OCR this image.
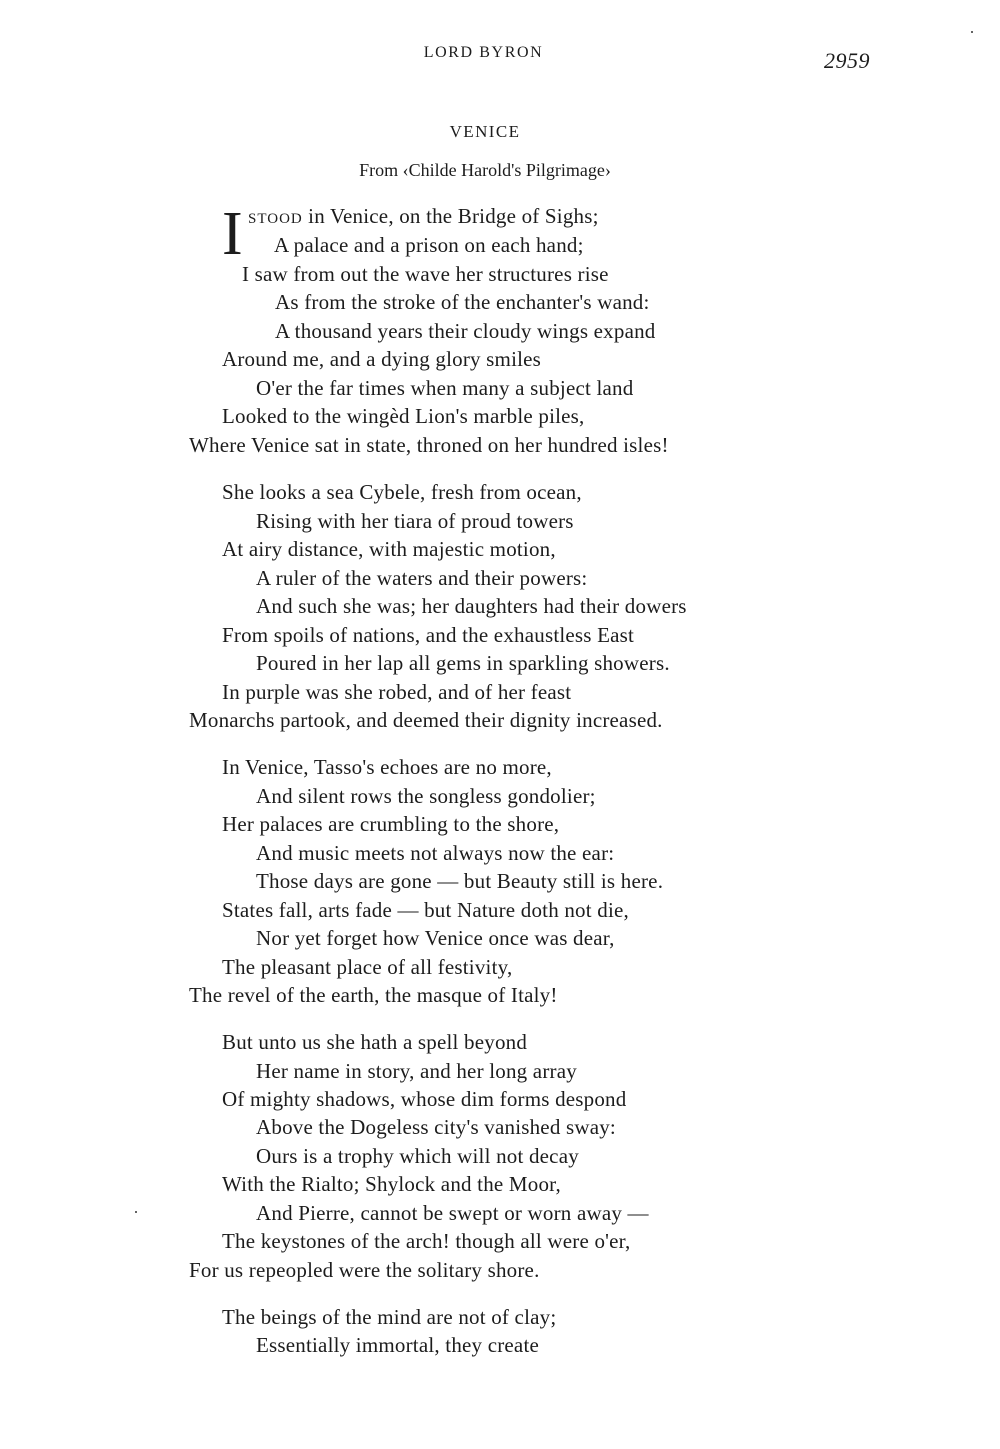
LORD BYRON	2959
VENICE
From ‹Childe Harold's Pilgrimage›
I STOOD in Venice, on the Bridge of Sighs;
A palace and a prison on each hand;
I saw from out the wave her structures rise
As from the stroke of the enchanter's wand:
A thousand years their cloudy wings expand
Around me, and a dying glory smiles
O'er the far times when many a subject land
Looked to the wingèd Lion's marble piles,
Where Venice sat in state, throned on her hundred isles!
She looks a sea Cybele, fresh from ocean,
Rising with her tiara of proud towers
At airy distance, with majestic motion,
A ruler of the waters and their powers:
And such she was; her daughters had their dowers
From spoils of nations, and the exhaustless East
Poured in her lap all gems in sparkling showers.
In purple was she robed, and of her feast
Monarchs partook, and deemed their dignity increased.
In Venice, Tasso's echoes are no more,
And silent rows the songless gondolier;
Her palaces are crumbling to the shore,
And music meets not always now the ear:
Those days are gone — but Beauty still is here.
States fall, arts fade — but Nature doth not die,
Nor yet forget how Venice once was dear,
The pleasant place of all festivity,
The revel of the earth, the masque of Italy!
But unto us she hath a spell beyond
Her name in story, and her long array
Of mighty shadows, whose dim forms despond
Above the Dogeless city's vanished sway:
Ours is a trophy which will not decay
With the Rialto; Shylock and the Moor,
And Pierre, cannot be swept or worn away —
The keystones of the arch! though all were o'er,
For us repeopled were the solitary shore.
The beings of the mind are not of clay;
Essentially immortal, they create
